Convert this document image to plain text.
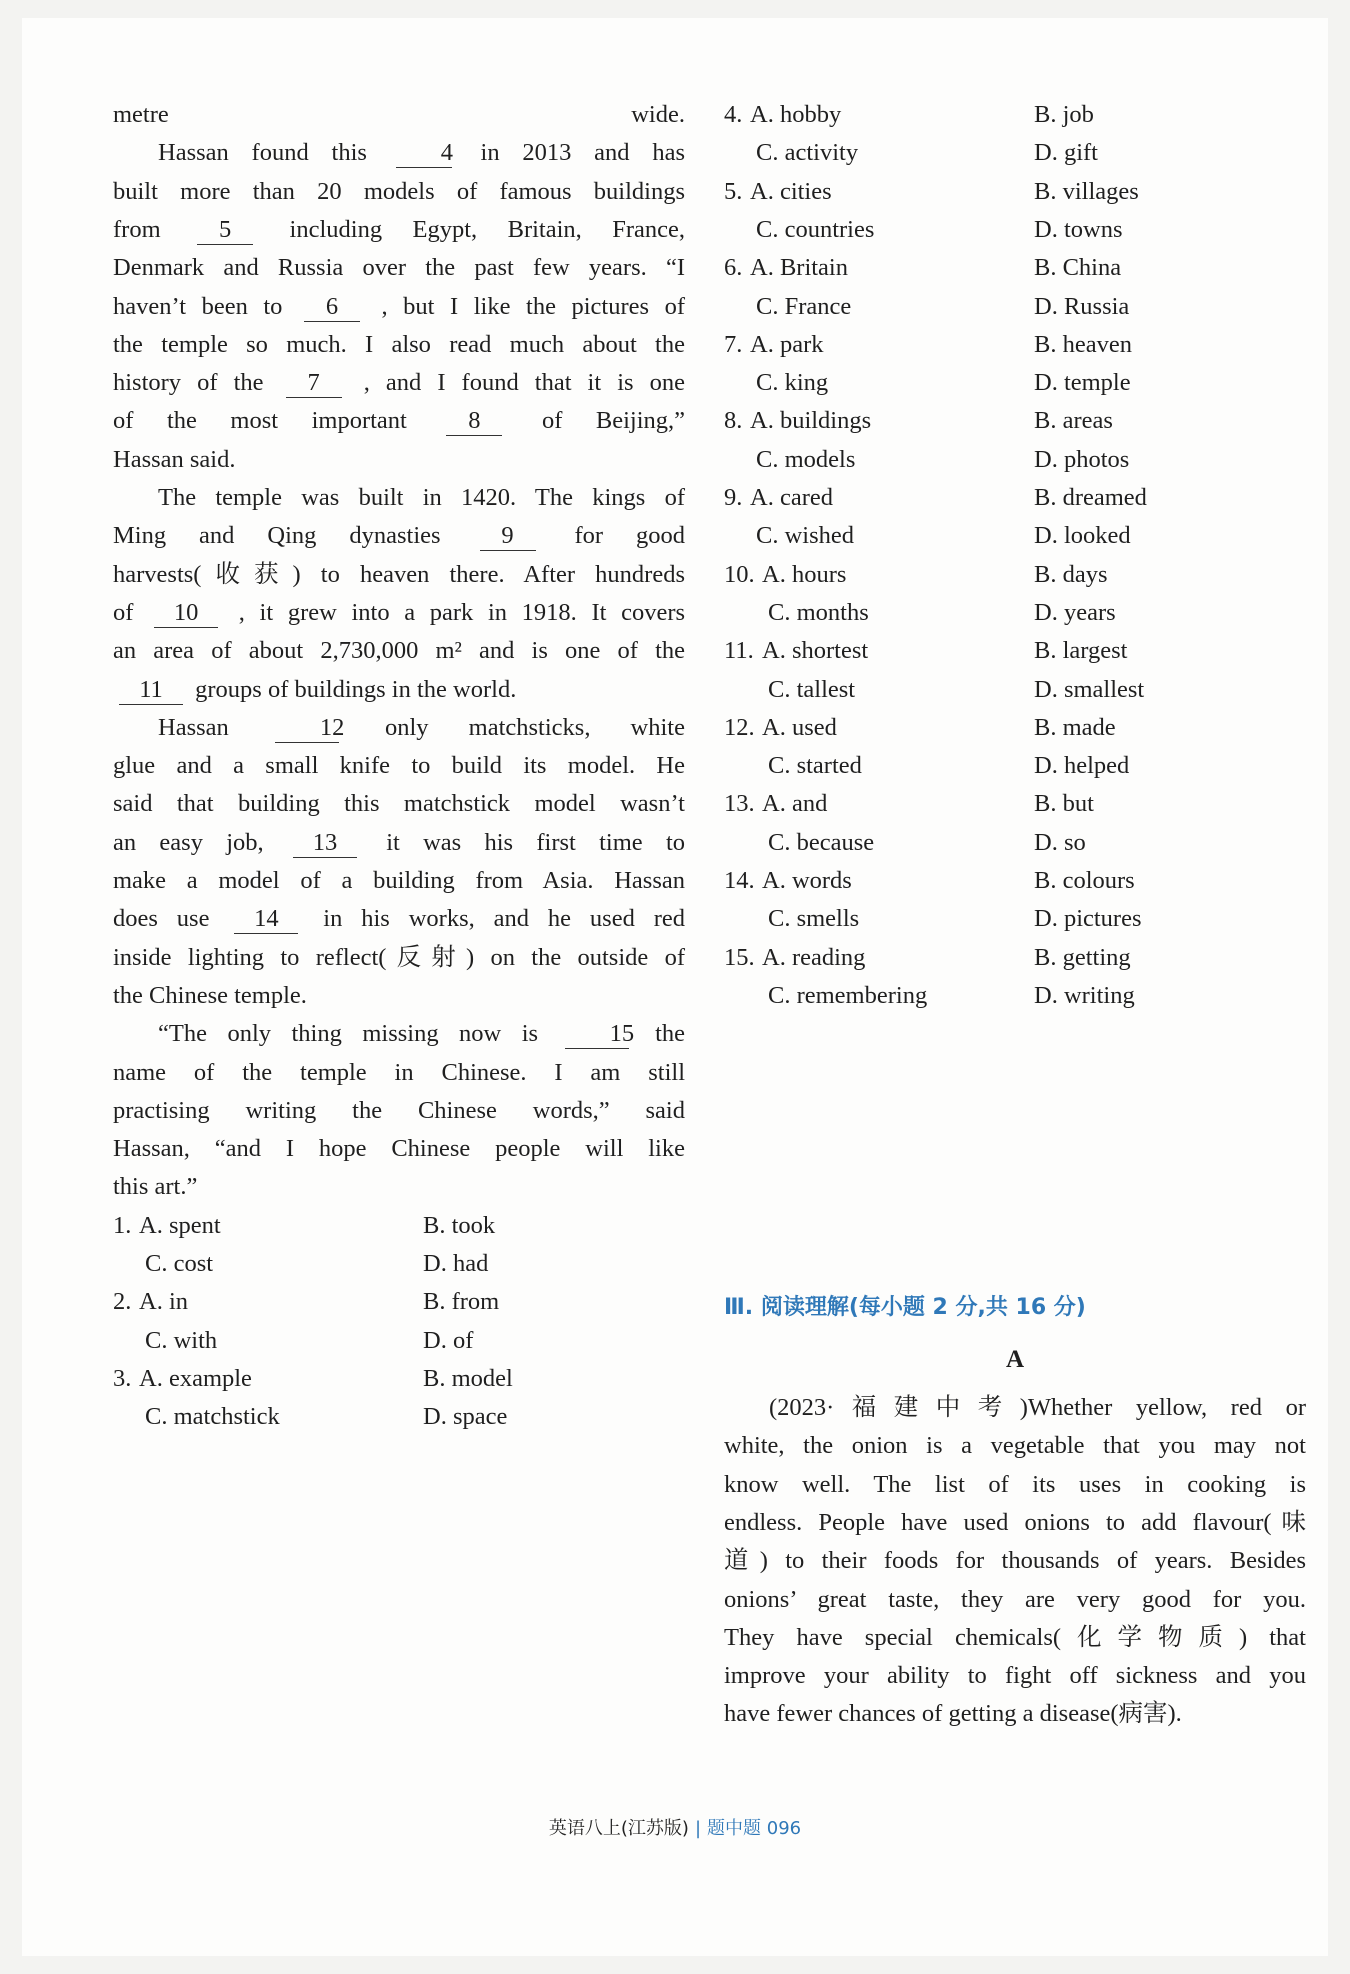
metre wide.
Hassan found this	4 in 2013 and has
built more than 20 models of famous buildings
from 5 including Egypt, Britain, France,
Denmark and Russia over the past few years. “I
haven’t been to 6 , but I like the pictures of
the temple so much. I also read much about the
history of the 7 , and I found that it is one
of the most important	8	of Beijing,”
Hassan said.
The temple was built in 1420. The kings of
Ming and Qing dynasties 9 for good
harvests(收获) to heaven there. After hundreds
of 10 , it grew into a park in 1918. It covers
an area of about 2,730,000 m² and is one of the
11 groups of buildings in the world.
Hassan	12 only matchsticks, white
glue and a small knife to build its model. He
said that building this matchstick model wasn’t
an easy job, 13 it was his first time to
make a model of a building from Asia. Hassan
does use 14 in his works, and he used red
inside lighting to reflect(反射) on the outside of
the Chinese temple.
“The only thing missing now is	15 the
name of the temple in Chinese. I am still
practising writing the Chinese words,” said
Hassan, “and I hope Chinese people will like
this art.”
1. A. spent	B. took
C. cost	D. had
2. A. in	B. from
C. with	D. of
3. A. example	B. model
C. matchstick	D. space
4. A. hobby	B. job
C. activity	D. gift
5. A. cities	B. villages
C. countries	D. towns
6. A. Britain	B. China
C. France	D. Russia
7. A. park	B. heaven
C. king	D. temple
8. A. buildings	B. areas
C. models	D. photos
9. A. cared	B. dreamed
C. wished	D. looked
10. A. hours	B. days
C. months	D. years
11. A. shortest	B. largest
C. tallest	D. smallest
12. A. used	B. made
C. started	D. helped
13. A. and	B. but
C. because	D. so
14. A. words	B. colours
C. smells	D. pictures
15. A. reading	B. getting
C. remembering	D. writing
Ⅲ. 阅读理解(每小题 2 分,共 16 分)
A
(2023·福建中考)Whether yellow, red or
white, the onion is a vegetable that you may not
know well. The list of its uses in cooking is
endless. People have used onions to add flavour(味
道) to their foods for thousands of years. Besides
onions’ great taste, they are very good for you.
They have special chemicals(化学物质) that
improve your ability to fight off sickness and you
have fewer chances of getting a disease(病害).
英语八上(江苏版) | 题中题 096
